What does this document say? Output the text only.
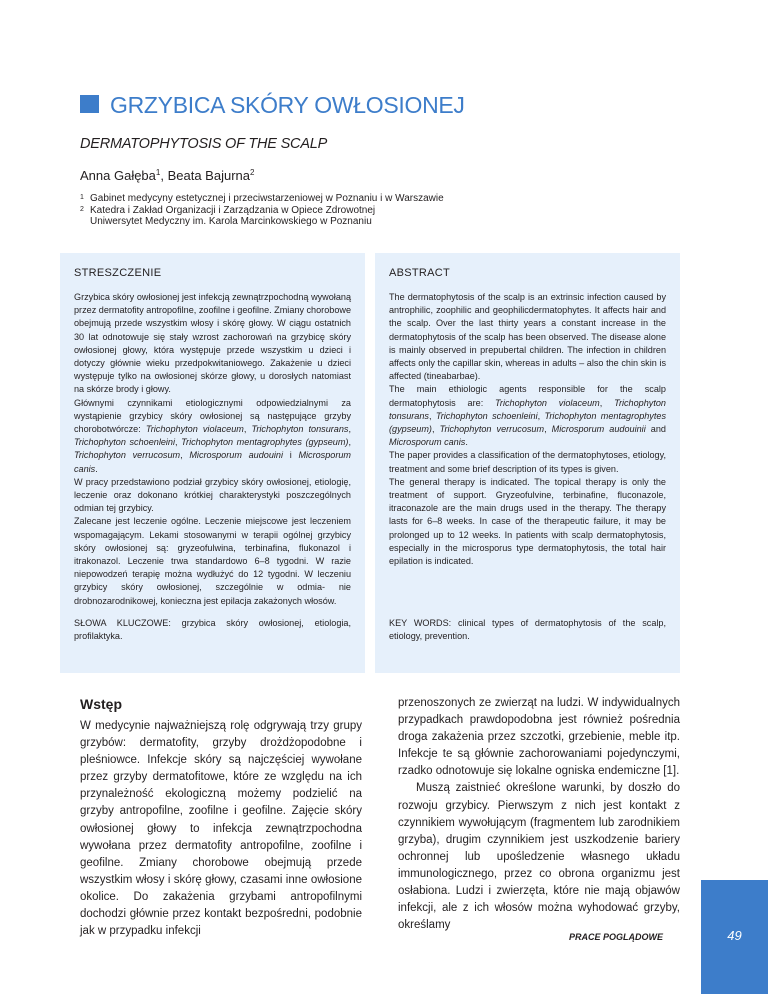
GRZYBICA SKÓRY OWŁOSIONEJ
DERMATOPHYTOSIS OF THE SCALP
Anna Gałęba$^1$, Beata Bajurna$^2$
1 Gabinet medycyny estetycznej i przeciwstarzeniowej w Poznaniu i w Warszawie
2 Katedra i Zakład Organizacji i Zarządzania w Opiece Zdrowotnej
Uniwersytet Medyczny im. Karola Marcinkowskiego w Poznaniu
STRESZCZENIE

Grzybica skóry owłosionej jest infekcją zewnątrzpochodną wywołaną przez dermatofity antropofilne, zoofilne i geofilne. Zmiany chorobowe obejmują przede wszystkim włosy i skórę głowy. W ciągu ostatnich 30 lat odnotowuje się stały wzrost zachorowań na grzybicę skóry owłosionej głowy, która występuje przede wszystkim u dzieci i dotyczy głównie wieku przedpokwitaniowego. Zakażenie u dzieci występuje tylko na owłosionej skórze głowy, u dorosłych natomiast na skórze brody i głowy.

Głównymi czynnikami etiologicznymi odpowiedzialnymi za wystąpienie grzybicy skóry owłosionej są następujące grzyby chorobotwórcze: Trichophyton violaceum, Trichophyton tonsurans, Trichophyton schoenleini, Trichophyton mentagrophytes (gypseum), Trichophyton verrucosum, Microsporum audouini i Microsporum canis.

W pracy przedstawiono podział grzybicy skóry owłosionej, etiologię, leczenie oraz dokonano krótkiej charakterystyki poszczególnych odmian tej grzybicy.

Zalecane jest leczenie ogólne. Leczenie miejscowe jest leczeniem wspomagającym. Lekami stosowanymi w terapii ogólnej grzybicy skóry owłosionej są: gryzeofulwina, terbinafina, flukonazol i itrakonazol. Leczenie trwa standardowo 6–8 tygodni. W razie niepowodzeń terapię można wydłużyć do 12 tygodni. W leczeniu grzybicy skóry owłosionej, szczególnie w odmia- nie drobnozarodnikowej, konieczna jest epilacja zakażonych włosów.

SŁOWA KLUCZOWE: grzybica skóry owłosionej, etiologia, profilaktyka.
ABSTRACT

The dermatophytosis of the scalp is an extrinsic infection caused by antrophilic, zoophilic and geophilicdermatophytes. It affects hair and the scalp. Over the last thirty years a constant increase in the dermatophytosis of the scalp has been observed. The disease alone is mainly observed in prepubertal children. The infection in children affects only the capillar skin, whereas in adults – also the chin skin is affected (tineabarbae).

The main ethiologic agents responsible for the scalp dermatophytosis are: Trichophyton violaceum, Trichophyton tonsurans, Trichophyton schoenleini, Trichophyton mentagrophytes (gypseum), Trichophyton verrucosum, Microsporum audouinii and Microsporum canis.

The paper provides a classification of the dermatophytoses, etiology, treatment and some brief description of its types is given.

The general therapy is indicated. The topical therapy is only the treatment of support. Gryzeofulvine, terbinafine, fluconazole, itraconazole are the main drugs used in the therapy. The therapy lasts for 6–8 weeks. In case of the therapeutic failure, it may be prolonged up to 12 weeks. In patients with scalp dermatophytosis, especially in the microsporus type dermatophytosis, the total hair epilation is indicated.

KEY WORDS: clinical types of dermatophytosis of the scalp, etiology, prevention.
Wstęp

W medycynie najważniejszą rolę odgrywają trzy grupy grzybów: dermatofity, grzyby drożdżopodobne i pleśniowce. Infekcje skóry są najczęściej wywołane przez grzyby dermatofitowe, które ze względu na ich przynależność ekologiczną możemy podzielić na grzyby antropofilne, zoofilne i geofilne. Zajęcie skóry owłosionej głowy to infekcja zewnątrzpochodna wywołana przez dermatofity antropofilne, zoofilne i geofilne. Zmiany chorobowe obejmują przede wszystkim włosy i skórę głowy, czasami inne owłosione okolice. Do zakażenia grzybami antropofilnymi dochodzi głównie przez kontakt bezpośredni, podobnie jak w przypadku infekcji

przenoszonych ze zwierząt na ludzi. W indywidualnych przypadkach prawdopodobna jest również pośrednia droga zakażenia przez szczotki, grzebienie, meble itp. Infekcje te są głównie zachorowaniami pojedynczymi, rzadko odnotowuje się lokalne ogniska endemiczne [1].

Muszą zaistnieć określone warunki, by doszło do rozwoju grzybicy. Pierwszym z nich jest kontakt z czynnikiem wywołującym (fragmentem lub zarodnikiem grzyba), drugim czynnikiem jest uszkodzenie bariery ochronnej lub upośledzenie własnego układu immunologicznego, przez co obrona organizmu jest osłabiona. Ludzi i zwierzęta, które nie mają objawów infekcji, ale z ich włosów można wyhodować grzyby, określamy

PRACE POGLĄDOWE	49
